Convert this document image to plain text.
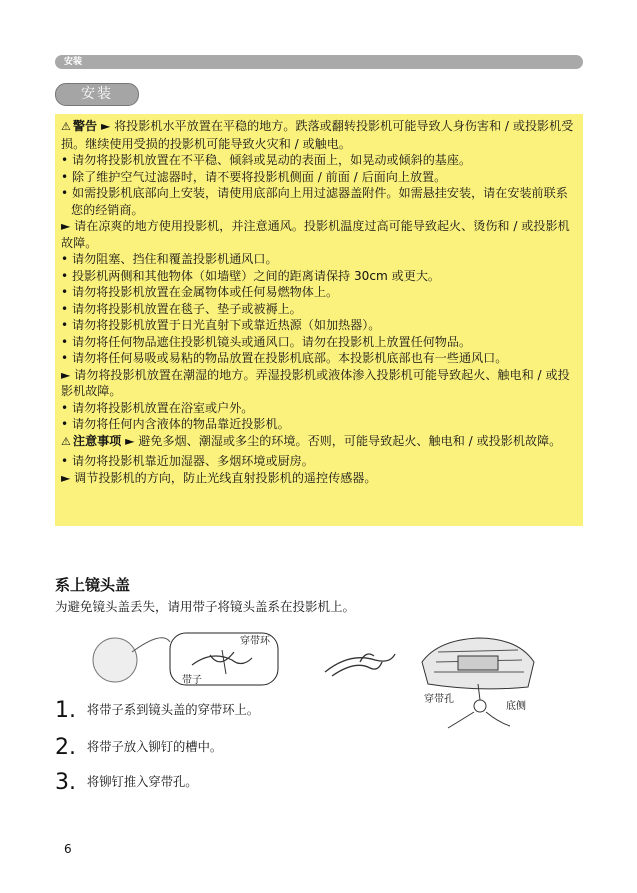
安装
安装

⚠ 警告 ► 将投影机水平放置在平稳的地方。跌落或翻转投影机可能导致人身伤害和 / 或投影机受损。继续使用受损的投影机可能导致火灾和 / 或触电。

• 请勿将投影机放置在不平稳、倾斜或晃动的表面上，如晃动或倾斜的基座。

• 除了维护空气过滤器时，请不要将投影机侧面 / 前面 / 后面向上放置。

• 如需投影机底部向上安装，请使用底部向上用过滤器盖附件。如需悬挂安装，请在安装前联系您的经销商。

► 请在凉爽的地方使用投影机，并注意通风。投影机温度过高可能导致起火、烫伤和 / 或投影机故障。

• 请勿阻塞、挡住和覆盖投影机通风口。

• 投影机两侧和其他物体（如墙壁）之间的距离请保持 30cm 或更大。

• 请勿将投影机放置在金属物体或任何易燃物体上。

• 请勿将投影机放置在毯子、垫子或被褥上。

• 请勿将投影机放置于日光直射下或靠近热源（如加热器）。

• 请勿将任何物品遮住投影机镜头或通风口。请勿在投影机上放置任何物品。

• 请勿将任何易吸或易粘的物品放置在投影机底部。本投影机底部也有一些通风口。

► 请勿将投影机放置在潮湿的地方。弄湿投影机或液体渗入投影机可能导致起火、触电和 / 或投影机故障。

• 请勿将投影机放置在浴室或户外。

• 请勿将任何内含液体的物品靠近投影机。

⚠ 注意事项 ► 避免多烟、潮湿或多尘的环境。否则，可能导致起火、触电和 / 或投影机故障。

• 请勿将投影机靠近加湿器、多烟环境或厨房。

► 调节投影机的方向，防止光线直射投影机的遥控传感器。

系上镜头盖
为避免镜头盖丢失，请用带子将镜头盖系在投影机上。
穿带环
带子
穿带孔
底侧
1. 将带子系到镜头盖的穿带环上。
2. 将带子放入铆钉的槽中。
3. 将铆钉推入穿带孔。
6
